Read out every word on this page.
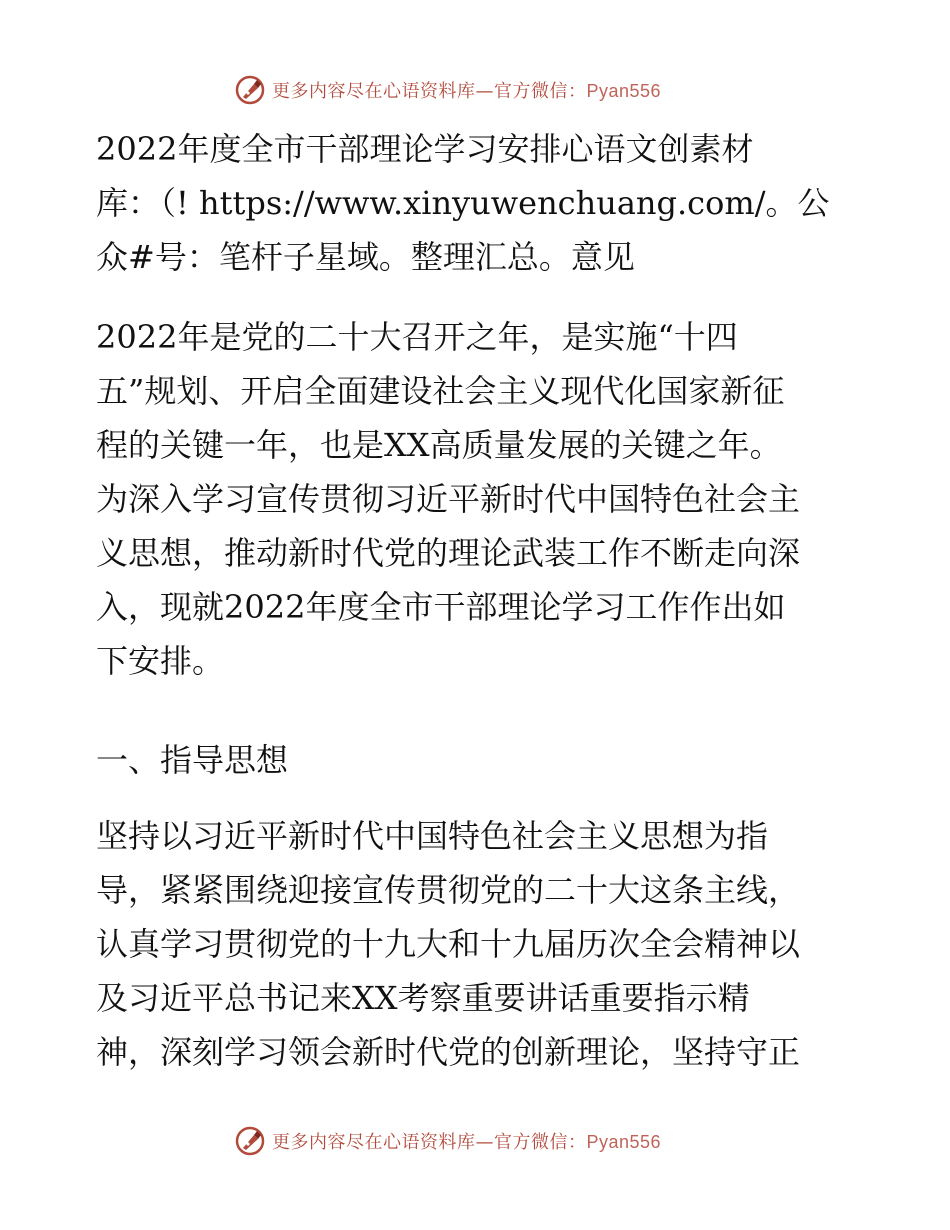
更多内容尽在心语资料库—官方微信：Pyan556
2022年度全市干部理论学习安排心语文创素材
库：（! https://www.xinyuwenchuang.com/。公
众#号：笔杆子星域。整理汇总。意见
2022年是党的二十大召开之年，是实施“十四
五”规划、开启全面建设社会主义现代化国家新征
程的关键一年，也是XX高质量发展的关键之年。
为深入学习宣传贯彻习近平新时代中国特色社会主
义思想，推动新时代党的理论武装工作不断走向深
入，现就2022年度全市干部理论学习工作作出如
下安排。
一、指导思想
坚持以习近平新时代中国特色社会主义思想为指
导，紧紧围绕迎接宣传贯彻党的二十大这条主线，
认真学习贯彻党的十九大和十九届历次全会精神以
及习近平总书记来XX考察重要讲话重要指示精
神，深刻学习领会新时代党的创新理论，坚持守正
更多内容尽在心语资料库—官方微信：Pyan556
